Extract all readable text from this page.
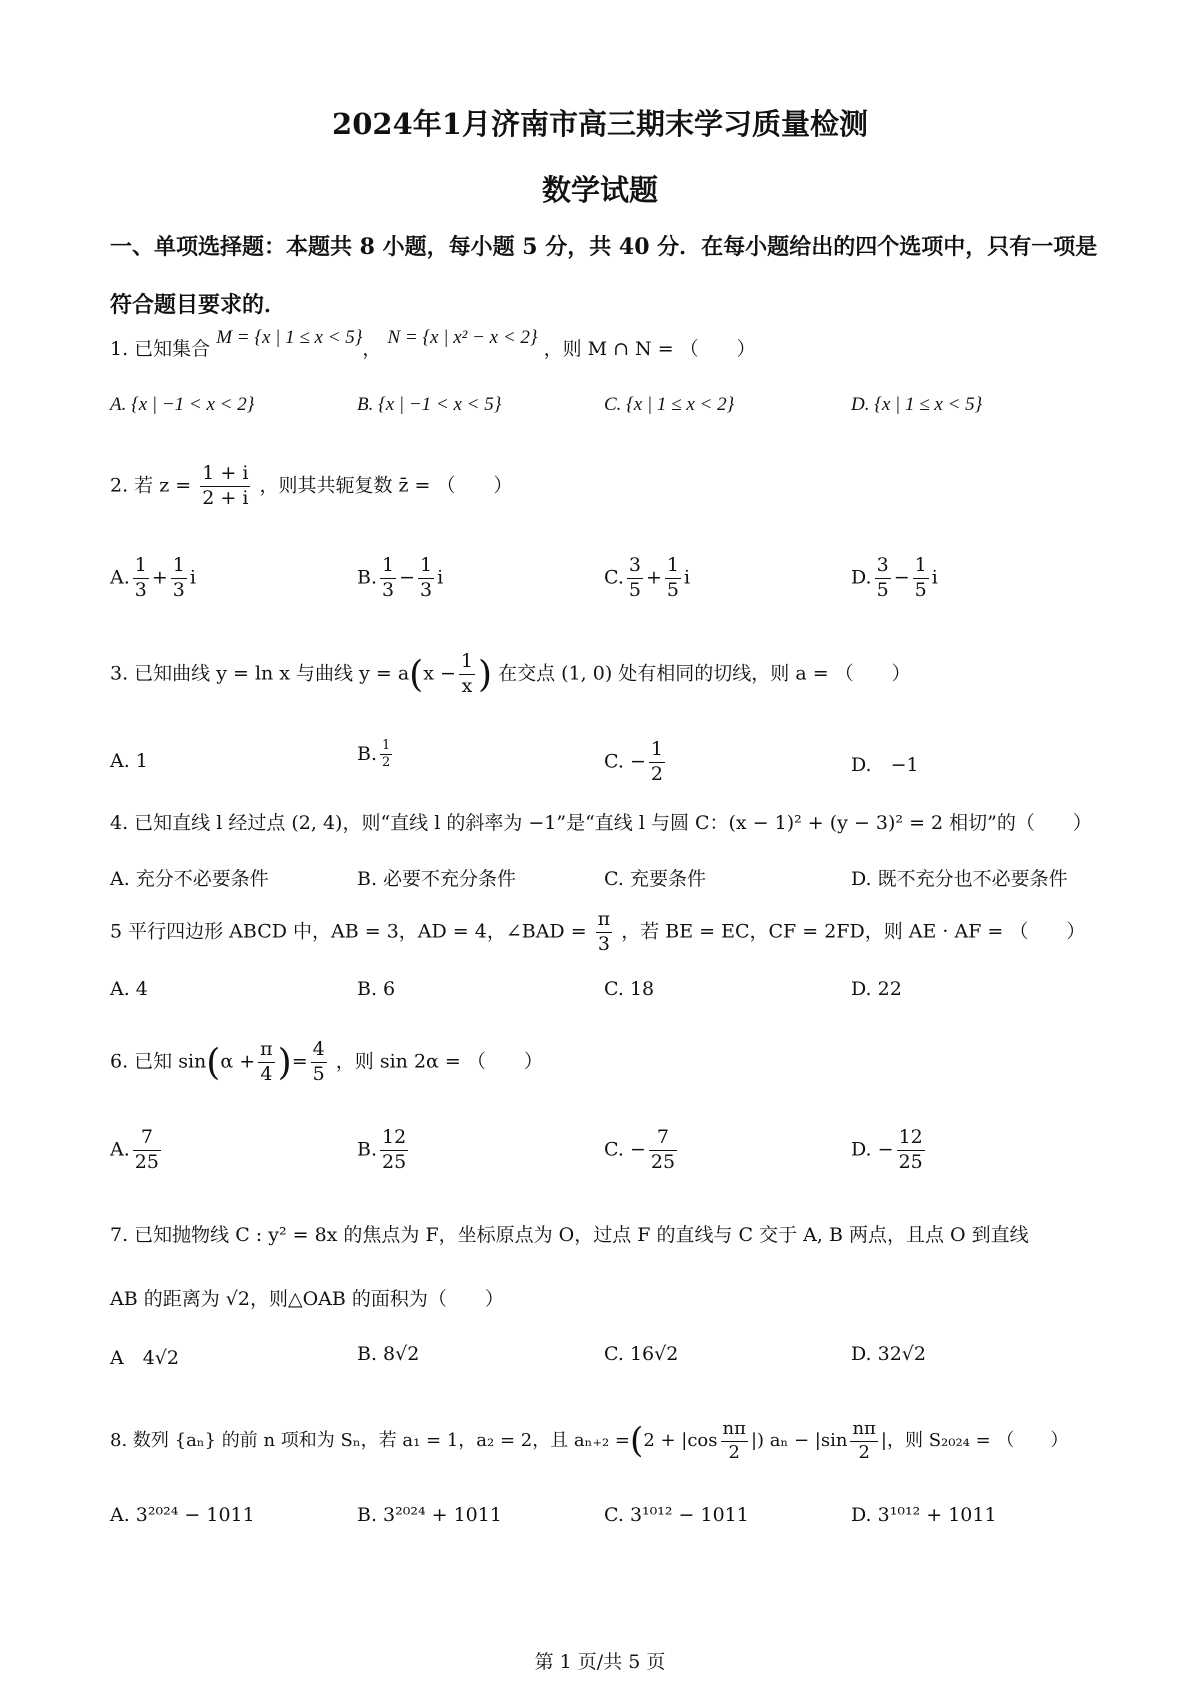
2024年1月济南市高三期末学习质量检测
数学试题
一、单项选择题：本题共 8 小题，每小题 5 分，共 40 分．在每小题给出的四个选项中，只有一项是符合题目要求的．
1. 已知集合 M = {x | 1 ≤ x < 5}， N = {x | x² − x < 2} ，则 M ∩ N = （　　）
A. {x | −1 < x < 2}	B. {x | −1 < x < 5}	C. {x | 1 ≤ x < 2}	D. {x | 1 ≤ x < 5}
2. 若 $z = \frac{1 + i}{2 + i}$ ，则其共轭复数 z̄ = （　　）
A. $\frac{1}{3} + \frac{1}{3}$ i	B. $\frac{1}{3} - \frac{1}{3}$ i	C. $\frac{3}{5} + \frac{1}{5}$ i	D. $\frac{3}{5} - \frac{1}{5}$ i
3. 已知曲线 y = ln x 与曲线 $y = a(x - \frac{1}{x}$ ) 在交点 (1, 0) 处有相同的切线，则 a = （　　）
A. 1	B. $\frac{1}{2}$	C. − $\frac{1}{2}$	D.　−1
4. 已知直线 l 经过点 (2, 4)，则“直线 l 的斜率为 −1”是“直线 l 与圆 C：(x − 1)² + (y − 3)² = 2 相切”的（　　）
A. 充分不必要条件	B. 必要不充分条件	C. 充要条件	D. 既不充分也不必要条件
5 平行四边形 ABCD 中，AB = 3，AD = 4，∠BAD = $\frac{\pi}{3}$ ，若 BE = EC，CF = 2FD，则 AE · AF = （　　）
A. 4	B. 6	C. 18	D. 22
6. 已知 $\sin(\alpha + \frac{\pi}{4}$ )= $\frac{4}{5}$ ，则 sin 2α = （　　）
A. $\frac{7}{25}$	B. $\frac{12}{25}$	C. − $\frac{7}{25}$	D. − $\frac{12}{25}$
7. 已知抛物线 C : y² = 8x 的焦点为 F，坐标原点为 O，过点 F 的直线与 C 交于 A, B 两点，且点 O 到直线
AB 的距离为 √2，则△OAB 的面积为（　　）
A　4√2	B. 8√2	C. 16√2	D. 32√2
8. 数列 {aₙ} 的前 n 项和为 Sₙ，若 a₁ = 1，a₂ = 2，且 $a_{n+2} =(2 + |\cos \frac{n\pi}{2}$ |) $a_n - |\sin \frac{n\pi}{2}$ |，则 S₂₀₂₄ = （　　）
A. 3²⁰²⁴ − 1011	B. 3²⁰²⁴ + 1011	C. 3¹⁰¹² − 1011	D. 3¹⁰¹² + 1011
第 1 页/共 5 页
